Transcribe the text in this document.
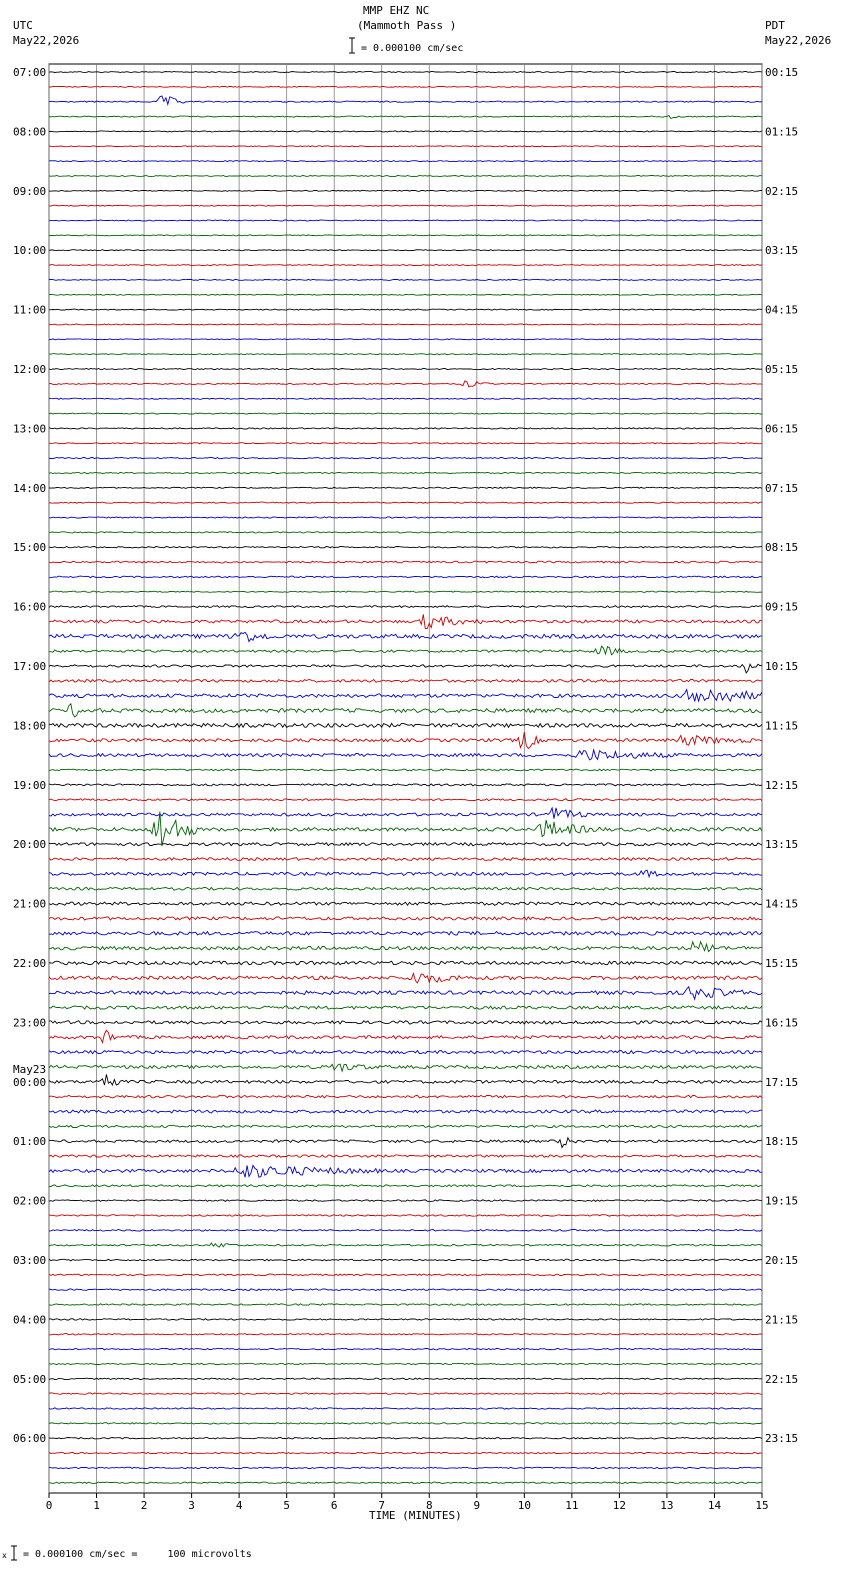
0	1	2	3	4	5	6	7	8	9	10	11	12	13	14	15
07:00
08:00
09:00
10:00
11:00
12:00
13:00
14:00
15:00
16:00
17:00
18:00
19:00
20:00
21:00
22:00
23:00
00:00
May23
01:00
02:00
03:00
04:00
05:00
06:00
00:15
01:15
02:15
03:15
04:15
05:15
06:15
07:15
08:15
09:15
10:15
11:15
12:15
13:15
14:15
15:15
16:15
17:15
18:15
19:15
20:15
21:15
22:15
23:15
MMP EHZ NC
(Mammoth Pass )
= 0.000100 cm/sec
UTC
May22,2026
PDT
May22,2026
TIME (MINUTES)
x = 0.000100 cm/sec =     100 microvolts
